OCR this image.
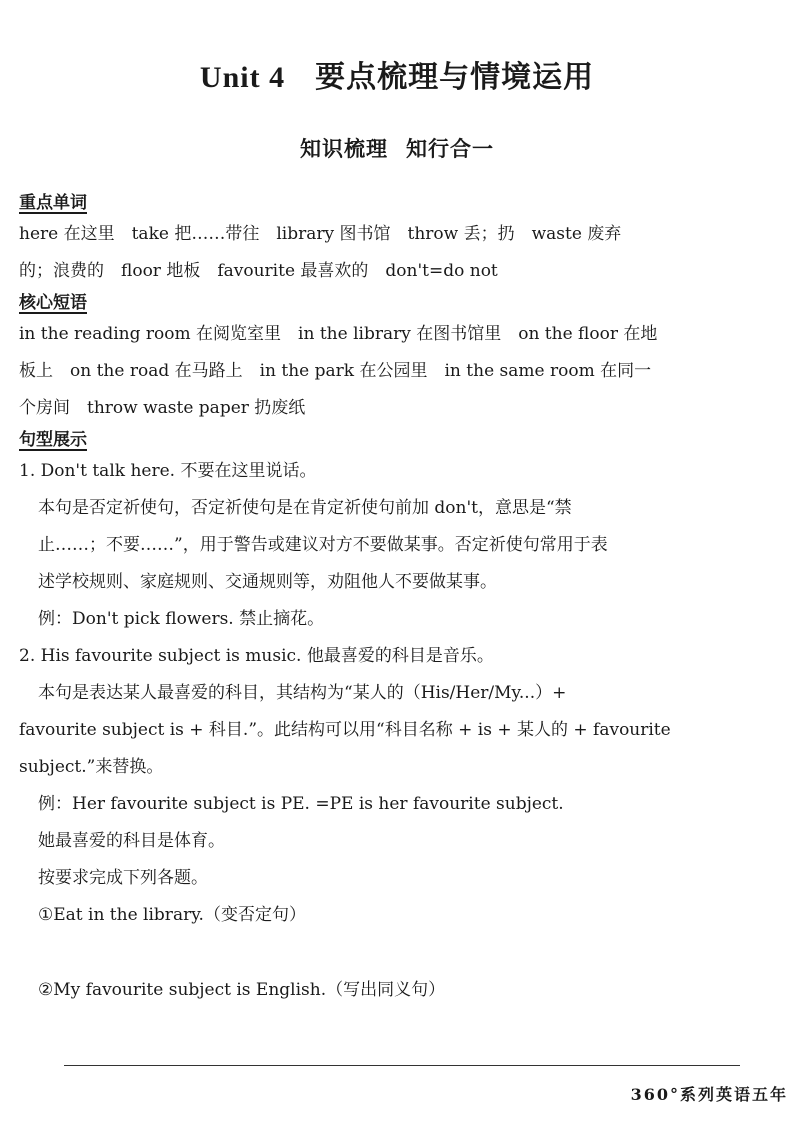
Unit 4 要点梳理与情境运用
知识梳理 知行合一
重点单词

here 在这里　take 把……带往　library 图书馆　throw 丢；扔　waste 废弃

的；浪费的　floor 地板　favourite 最喜欢的　don't=do not

核心短语

in the reading room 在阅览室里　in the library 在图书馆里　on the floor 在地

板上　on the road 在马路上　in the park 在公园里　in the same room 在同一

个房间　throw waste paper 扔废纸

句型展示

1. Don't talk here. 不要在这里说话。

本句是否定祈使句，否定祈使句是在肯定祈使句前加 don't，意思是“禁

止……；不要……”，用于警告或建议对方不要做某事。否定祈使句常用于表

述学校规则、家庭规则、交通规则等，劝阻他人不要做某事。

例：Don't pick flowers. 禁止摘花。

2. His favourite subject is music. 他最喜爱的科目是音乐。

本句是表达某人最喜爱的科目，其结构为“某人的（His/Her/My...）+

favourite subject is + 科目.”。此结构可以用“科目名称 + is + 某人的 + favourite

subject.”来替换。

例：Her favourite subject is PE. =PE is her favourite subject.

她最喜爱的科目是体育。

按要求完成下列各题。

①Eat in the library.（变否定句）

②My favourite subject is English.（写出同义句）

360°系列英语五年
